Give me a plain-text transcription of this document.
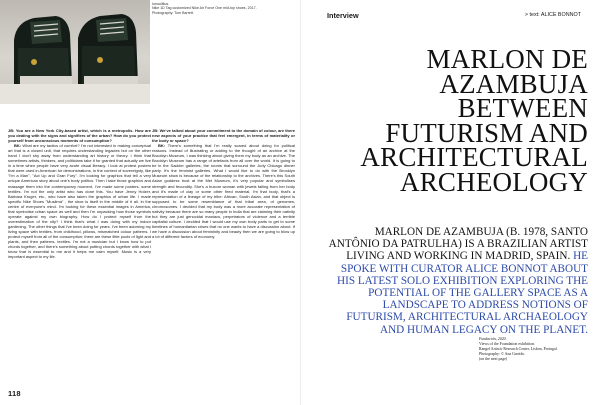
Ionoullitus.
Nike 1D Tag customized Nike Air Force One mid-top shoes, 2017.
Photography: Tom Barrett.

JB: You are a New York City-based artist, which is a metropolis. How are you dealing with the signs and signifiers of the urban? How do you protect yourself from unconscious moments of consumption?

BK: What are my tactics of comfort? I'm not interested in making conceptual art that is a closed unit, that requires understanding legacies but on the other hand I don't shy away from understanding art history or theory. I think that sometimes artists, thinkers, and politicians take it for granted that actually we live in a time when people have very acute visual literacy. I look at protest posters that were used in American for demonstrations, in the context of sovereignty, like "I'm a Man", "Act Up and Gran Fury". I'm looking for graphics that tell a very unique American story about one's body politics. Then I take those graphics and massage them into the contemporary moment. I've made some posters, some textiles. I'm not the only artist who has done this. You have Jenny Holzer, Barbara Kruger, etc., who have also taken the graphics of urban life. I made specific Nike Shoes "Muslima" , the shoe is itself in the middle of it all. In the centre of everyone's mind. I'm looking for these essential images in America, that symbolise urban space as well and then I'm unpacking how those symbols operate against my own biography. How do I protect myself from the overestimation of the city? I think that's what I was doing with my indoor gardening. The other things that I've been doing for years. I've been adorning my living space with textiles, from childhood, pillows, mismatched colour patterns. I protect myself from all of the consumption; there are these little pools of light and plants, and then patterns, textiles. I'm not a musician but I know how to put chords together, and there's something about putting chords together with what I know that is essential to me and it helps me calm myself. Music is a very important aspect to my life.

JB: We've talked about your commitment to the domain of colour, are there new aspects of your practice that feel emergent, in terms of materiality or the body or space?

BK: There's something that I'm really scared about doing for political reasons. Instead of illustrating or adding to the thought of an archive at the Brooklyn Museum, I was thinking about giving them my body as an archive. The Brooklyn Museum has a range of artefacts from all over the world. It is going to be in the Sackler galleries, the rooms that surround the Judy Chicago dinner party. It's the feminist galleries. What I would like to do with the Brooklyn Museum show is because of the relationship to the archives. There's this South Asian goddess bust at the Met Museum, it's very popular and symbolises strength and fecundity. She's a buxom woman with jewels falling from her body and it's made of clay or some other fired material. I'm that body, that's a representation of a lineage of my tribe: African, South Asian, and that object is supposed to be some resemblance of that tribal area, of genomes, chromosomes. I decided that my body was a more accurate representation of nativity because there are so many people in India that are claiming their nativity but they are just genocidal maniacs, perpetrators of violence and a terrible capitalist culture. I decided that I would use my own body parts to get to some timelines of humanitarian crises that no one wants to have a discussion about. If we have a discussion about femininity and beauty then we are going to blow up a lot of different factors of economy.

118
Interview	> text: ALICE BONNOT
MARLON DE
AZAMBUJA
BETWEEN
FUTURISM AND
ARCHITECTURAL
ARCHEOLOGY
MARLON DE AZAMBUJA (B. 1978, SANTO ANTÔNIO DA PATRULHA) IS A BRAZILIAN ARTIST LIVING AND WORKING IN MADRID, SPAIN. HE SPOKE WITH CURATOR ALICE BONNOT ABOUT HIS LATEST SOLO EXHIBITION EXPLORING THE POTENTIAL OF THE GALLERY SPACE AS A LANDSCAPE TO ADDRESS NOTIONS OF FUTURISM, ARCHITECTURAL ARCHAEOLOGY AND HUMAN LEGACY ON THE PLANET.
Fundación, 2020.
Views of the Foundation exhibition.
Rangel Artistic Research Center, Lisbon, Portugal.
Photography: © Ana Garrido.
(on the next page)
